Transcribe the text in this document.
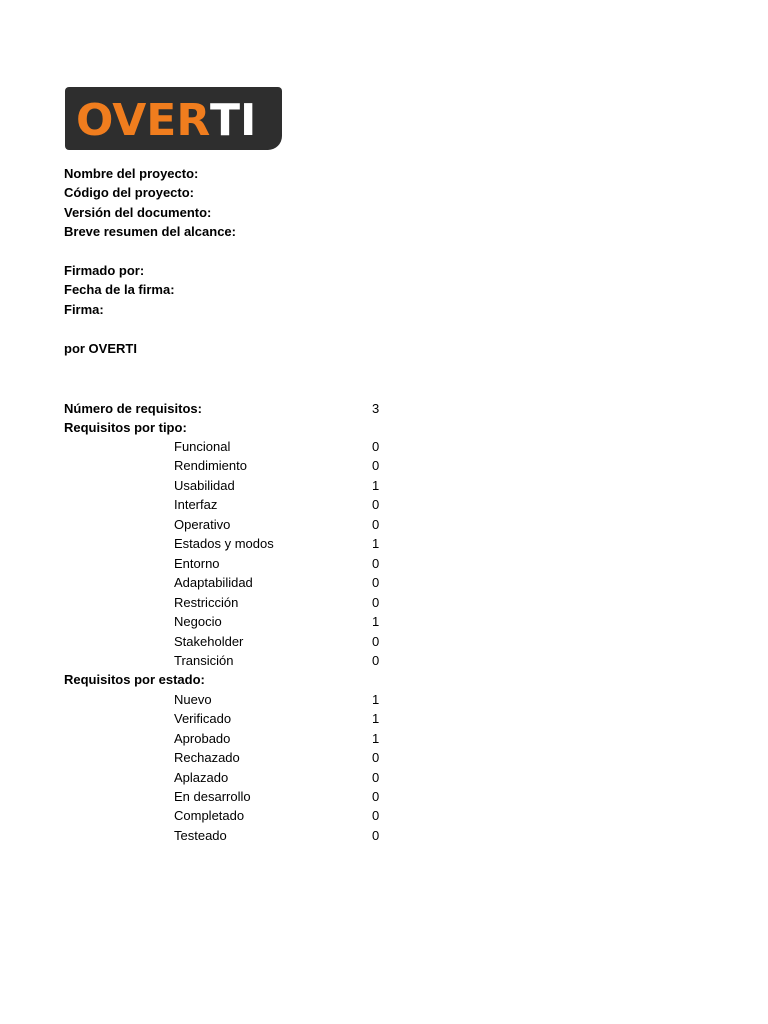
OVER TI
Nombre del proyecto:
Código del proyecto:
Versión del documento:
Breve resumen del alcance:
Firmado por:
Fecha de la firma:
Firma:
por OVERTI
Número de requisitos:	3
Requisitos por tipo:
Funcional	0
Rendimiento	0
Usabilidad	1
Interfaz	0
Operativo	0
Estados y modos	1
Entorno	0
Adaptabilidad	0
Restricción	0
Negocio	1
Stakeholder	0
Transición	0
Requisitos por estado:
Nuevo	1
Verificado	1
Aprobado	1
Rechazado	0
Aplazado	0
En desarrollo	0
Completado	0
Testeado	0
